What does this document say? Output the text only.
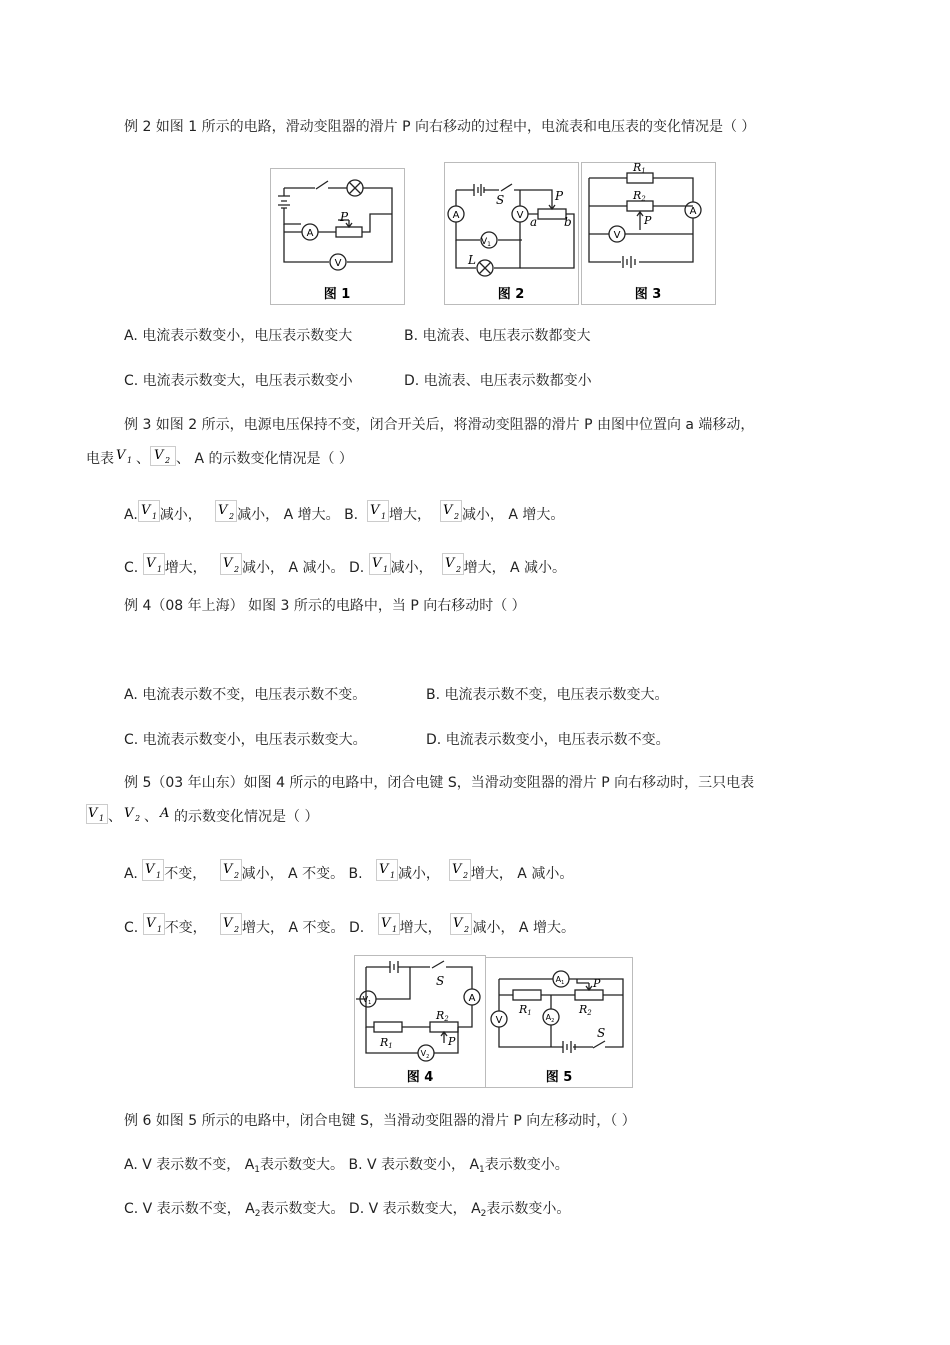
例 2 如图 1 所示的电路，滑动变阻器的滑片 P 向右移动的过程中，电流表和电压表的变化情况是（ ）
A
V
P
图 1
A	V
$V_1$
S	P
a b
L
图 2
A
V
R1
R2
P
图 3
A. 电流表示数变小，电压表示数变大	B. 电流表、电压表示数都变大
C. 电流表示数变大，电压表示数变小	D. 电流表、电压表示数都变小
例 3 如图 2 所示，电源电压保持不变，闭合开关后，将滑动变阻器的滑片 P 由图中位置向 a 端移动，
电表 V 1 、 V 2 、 A 的示数变化情况是（ ）
A. V 1 减小， V 2 减小， A 增大。 B. V 1 增大， V 2 减小， A 增大。
C. V 1 增大， V 2 减小， A 减小。 D. V 1 减小， V 2 增大， A 减小。
例 4（08 年上海） 如图 3 所示的电路中，当 P 向右移动时（ ）
A. 电流表示数不变，电压表示数不变。	B. 电流表示数不变，电压表示数变大。
C. 电流表示数变小，电压表示数变大。	D. 电流表示数变小，电压表示数不变。
例 5（03 年山东）如图 4 所示的电路中，闭合电键 S，当滑动变阻器的滑片 P 向右移动时，三只电表
V 1 、 V 2 、 A 的示数变化情况是（ ）
A. V 1 不变， V 2 减小， A 不变。 B. V 1 减小， V 2 增大， A 减小。
C. V 1 不变， V 2 增大， A 不变。 D. V 1 增大， V 2 减小， A 增大。
A
$V_1$
$V_2$
S
R1
R2
P
图 4
$A_1$
$A_2$
V
R1	R2
P
S
图 5
例 6 如图 5 所示的电路中，闭合电键 S，当滑动变阻器的滑片 P 向左移动时，（ ）
A. V 表示数不变， $A_1$表示数变大。 B. V 表示数变小， $A_1$表示数变小。
C. V 表示数不变， $A_2$表示数变大。 D. V 表示数变大， $A_2$表示数变小。
